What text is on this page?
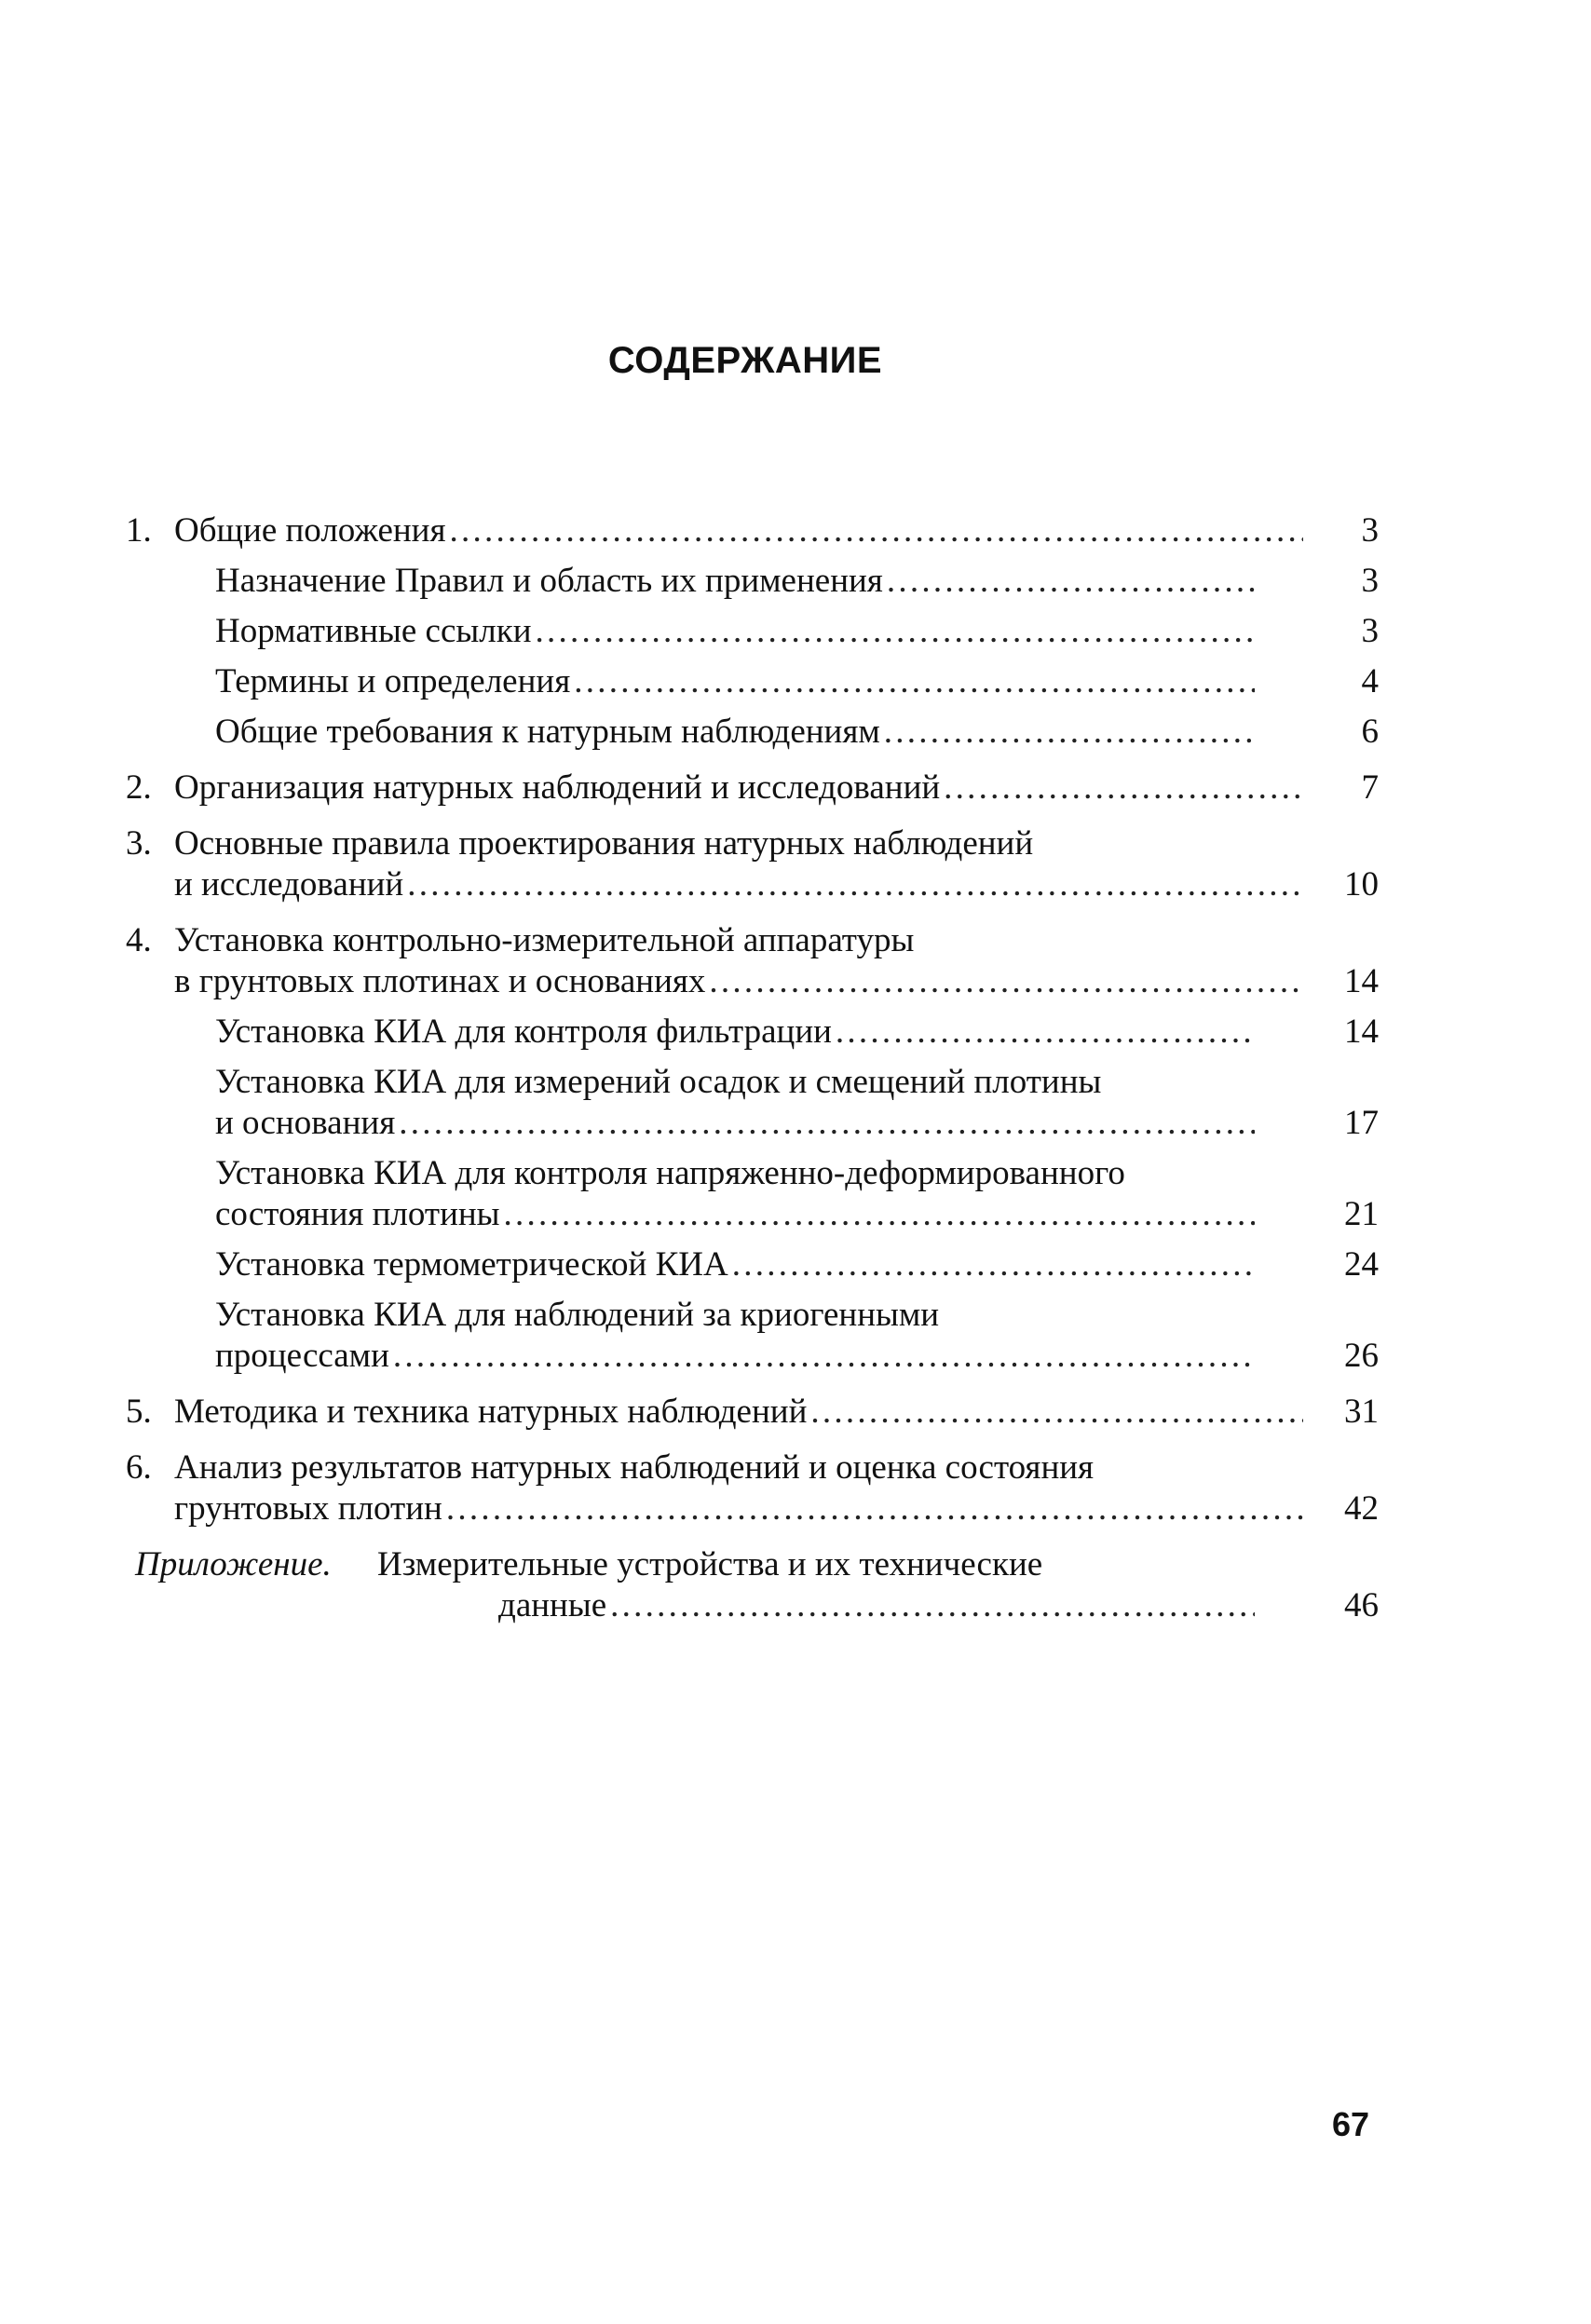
СОДЕРЖАНИЕ
1. Общие положения . . .	3
Назначение Правил и область их применения . . .	3
Нормативные ссылки . . .	3
Термины и определения . . .	4
Общие требования к натурным наблюдениям . . .	6
2. Организация натурных наблюдений и исследований . . .	7
3. Основные правила проектирования натурных наблюдений
и исследований . . .	10
4. Установка контрольно-измерительной аппаратуры
в грунтовых плотинах и основаниях . . .	14
Установка КИА для контроля фильтрации . . .	14
Установка КИА для измерений осадок и смещений плотины
и основания . . .	17
Установка КИА для контроля напряженно-деформированного
состояния плотины . . .	21
Установка термометрической КИА . . .	24
Установка КИА для наблюдений за криогенными
процессами . . .	26
5. Методика и техника натурных наблюдений . . .	31
6. Анализ результатов натурных наблюдений и оценка состояния
грунтовых плотин . . .	42
Приложение. Измерительные устройства и их технические
данные . . .	46
67
